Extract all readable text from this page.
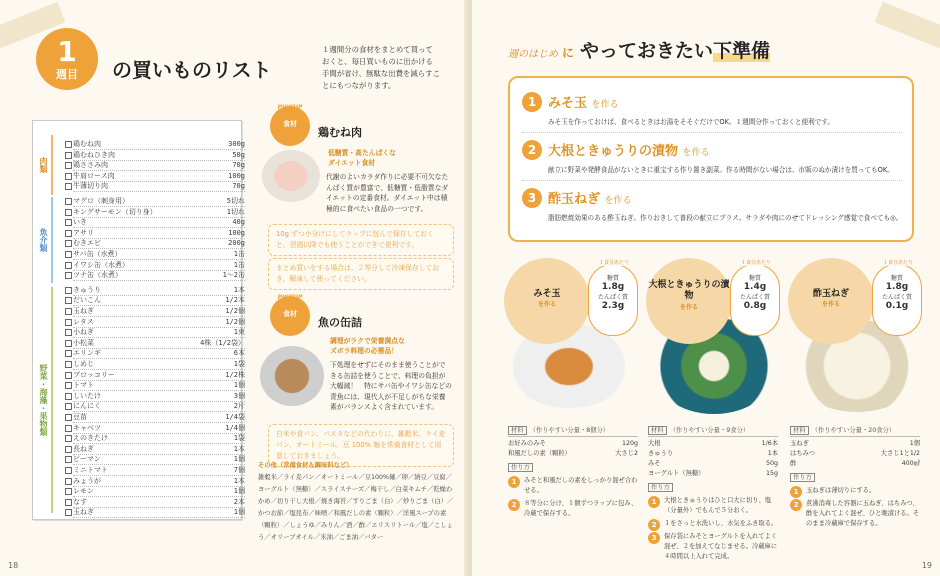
1
週目	の買いものリスト
１週間分の食材をまとめて買っておくと、毎日買いものに出かける手間が省け、無駄な出費を減らすことにもつながります。
肉類
魚介類
野菜・海藻・果物類
鶏むね肉	300g
鶏むねひき肉	50g
鶏ささみ肉	70g
牛肩ロース肉	100g
牛薄切り肉	70g
マグロ（刺身用）	5切れ
キングサーモン（切り身）	1切れ
いき	40g
アサリ	100g
むきエビ	200g
サバ缶（水煮）	1缶
イワシ缶（水煮）	1缶
ツナ缶（水煮）	1〜2缶
きゅうり	1本
だいこん	1/2本
玉ねぎ	1/2個
レタス	1/2個
小ねぎ	1束
小松菜	4株（1/2袋）
エリンギ	6本
しめじ	1袋
ブロッコリー	1/2株
トマト	1個
しいたけ	3個
にんにく	2片
豆苗	1/4袋
キャベツ	1/4個
えのきたけ	1袋
長ねぎ	1本
ピーマン	1個
ミニトマト	7個
みょうが	1本
レモン	1個
なす	2本
玉ねぎ	1個
PICKUP
食材
鶏むね肉
低糖質・高たんぱくな
ダイエット食材
代謝のよいカラダ作りに必要不可欠なたんぱく質が豊富で、低糖質・低脂質なダイエットの定番食材。ダイエット中は積極的に食べたい食品の一つです。
10g ずつ小分けにしてラップに包んで保存しておくと、翌週以降でも使うことができて便利です。
まとめ買いをする場合は、２等分して冷凍保存しておき、解凍して使ってください。
PICKUP
食材
魚の缶詰
調理がラクで栄養満点な
ズボラ料理の必需品！
下処理をせずにそのまま使うことができる缶詰を使うことで、料理の負担が大幅減！　特にサバ缶やイワシ缶などの青魚には、現代人が不足しがちな栄養素がバランスよく含まれています。
白米や食パン、パスタなどの代わりに、雑穀米、ライ麦パン、オートミール、豆 100% 麺を常備食材として用意しておきましょう。
その他（常備食材＆調味料など）
雑穀米／ライ麦パン／オートミール／豆100%麺／卵／納豆／豆腐／ヨーグルト（無糖）／スライスチーズ／梅干し／白菜キムチ／乾燥わかめ／切り干し大根／焼き海苔／すりごま（白）／炒りごま（白）／かつお節／塩昆布／味噌／和風だしの素（顆粒）／洋風スープの素（顆粒）／しょうゆ／みりん／酒／酢／エリスリトール／塩／こしょう／オリーブオイル／米油／ごま油／バター
18
週のはじめ に やっておきたい下準備
1 みそ玉 を作る
みそ玉を作っておけば、食べるときはお湯をそそぐだけでOK。１週間分作っておくと便利です。
2 大根ときゅうりの漬物 を作る
献立に野菜や発酵食品がないときに重宝する作り置き副菜。作る時間がない場合は、市販のぬか漬けを買ってもOK。
3 酢玉ねぎ を作る
脂肪燃焼効果のある酢玉ねぎ。作りおきして普段の献立にプラス。サラダや肉にのせてドレッシング感覚で食べても◎。
みそ玉
を作る
１食分あたり
糖質
1.8g
たんぱく質
2.3g
材料 （作りやすい分量・8個分）
お好みのみそ	120g
和風だしの素（顆粒）	大さじ2
作り方
1	みそと和風だしの素をしっかり混ぜ合わせる。
2	８等分に分け、１個ずつラップに包み、冷蔵で保存する。
大根ときゅうりの漬物
を作る
１食分あたり
糖質
1.4g
たんぱく質
0.8g
材料 （作りやすい分量・9食分）
大根	1/6本
きゅうり	1本
みそ	50g
ヨーグルト（無糖）	15g
作り方
1	大根ときゅうりはひと口大に切り、塩（分量外）でもんで５分おく。
2	１をさっと水洗いし、水気をふき取る。
3	保存袋にみそとヨーグルトを入れてよく混ぜ、２を加えてなじませる。冷蔵庫に４時間以上入れて完成。
酢玉ねぎ
を作る
１食分あたり
糖質
1.8g
たんぱく質
0.1g
材料 （作りやすい分量・20食分）
玉ねぎ	1個
はちみつ	大さじ1と1/2
酢	400㎖
作り方
1	玉ねぎは薄切りにする。
2	煮沸消毒した容器に玉ねぎ、はちみつ、酢を入れてよく混ぜ、ひと晩漬ける。そのまま冷蔵庫で保存する。
19
